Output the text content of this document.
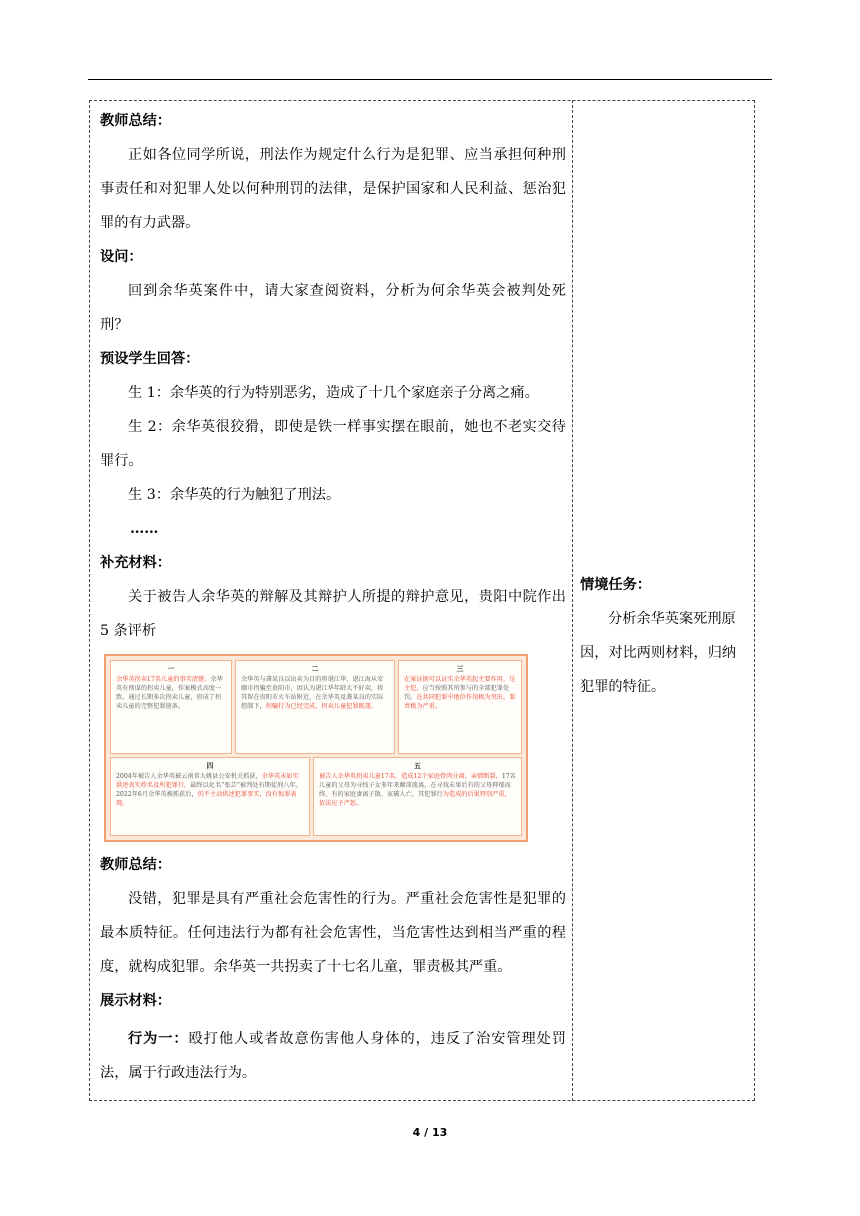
教师总结：

正如各位同学所说，刑法作为规定什么行为是犯罪、应当承担何种刑事责任和对犯罪人处以何种刑罚的法律，是保护国家和人民利益、惩治犯罪的有力武器。

设问：

回到余华英案件中，请大家查阅资料，分析为何余华英会被判处死刑？

预设学生回答：

生 1：余华英的行为特别恶劣，造成了十几个家庭亲子分离之痛。

生 2：余华英很狡猾，即使是铁一样事实摆在眼前，她也不老实交待罪行。

生 3：余华英的行为触犯了刑法。

……

补充材料：

关于被告人余华英的辩解及其辩护人所提的辩护意见，贵阳中院作出 5 条评析

一
余华英拐卖17名儿童的事实清楚。余华英有预谋的拐卖儿童，作案模式高度一致，通过长期多次拐卖儿童，形成了拐卖儿童的完整犯罪链条。
二
余华英与龚某良以出卖为目的将谌江华、谌江海从安顺市拐骗至贵阳市，因认为谌江华年龄大不好卖，将其留在贵阳市火车站附近，在余华英及龚某良的实际控制下，拐骗行为已经完成，拐卖儿童犯罪既遂。
三
在案证据可以证实余华英起主要作用，是主犯，应当按照其所参与的全部犯罪处罚。在共同犯罪中地位作用极为突出，罪责极为严重。
四
2004年被告人余华英被云南省大姚县公安机关抓获，余华英未如实供述真实姓名及所犯罪行，最终以化名“张芸”被判处有期徒刑八年。2022年6月余华英被抓获后，仍不主动供述犯罪事实，没有悔罪表现。
五
被告人余华英拐卖儿童17名，造成12个家庭骨肉分离，亲情断裂，17名儿童的父母为寻找子女多年来颠沛流离，在寻找未果后有的父母抑郁而终，有的家庭妻离子散、家破人亡，其犯罪行为造成的后果特别严重，依法应予严惩。

教师总结：

没错，犯罪是具有严重社会危害性的行为。严重社会危害性是犯罪的最本质特征。任何违法行为都有社会危害性，当危害性达到相当严重的程度，就构成犯罪。余华英一共拐卖了十七名儿童，罪责极其严重。

展示材料：

行为一：殴打他人或者故意伤害他人身体的，违反了治安管理处罚法，属于行政违法行为。

情境任务：

分析余华英案死刑原因，对比两则材料，归纳犯罪的特征。

4 / 13
